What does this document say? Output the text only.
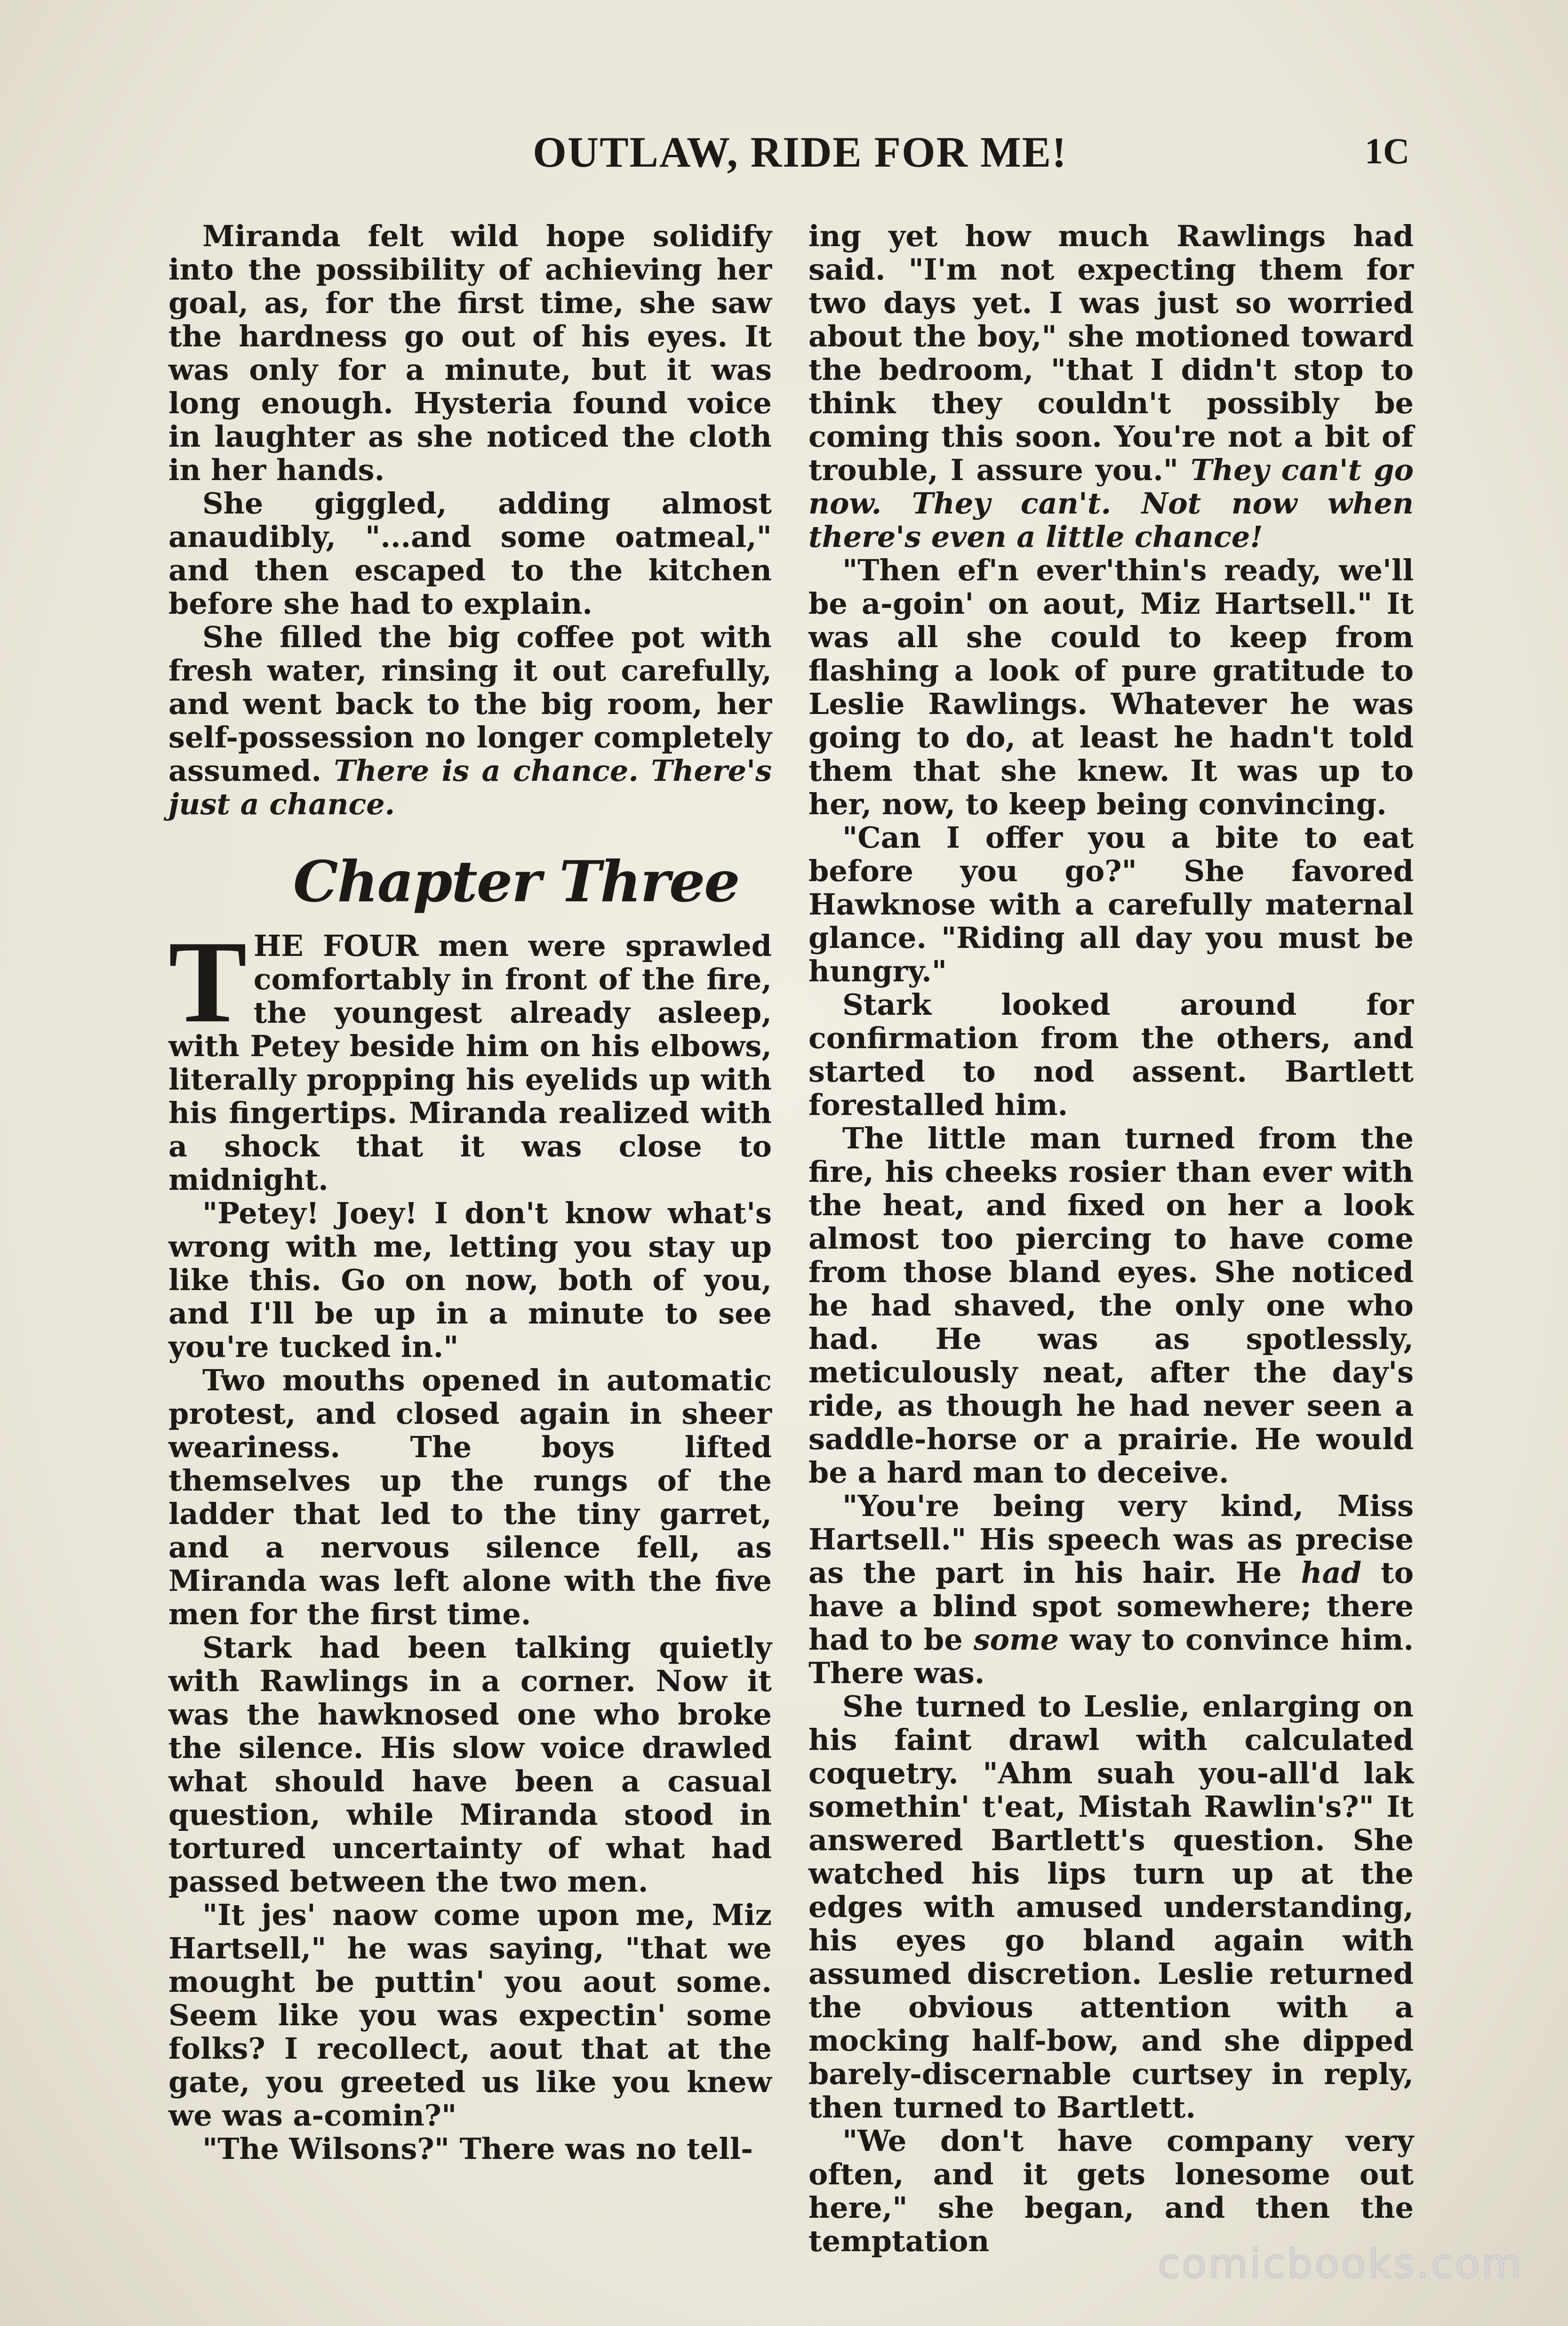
OUTLAW, RIDE FOR ME!	1C

Miranda felt wild hope solidify into the possibility of achieving her goal, as, for the first time, she saw the hardness go out of his eyes. It was only for a minute, but it was long enough. Hysteria found voice in laughter as she noticed the cloth in her hands.

She giggled, adding almost anaudibly, "...and some oatmeal," and then escaped to the kitchen before she had to explain.

She filled the big coffee pot with fresh water, rinsing it out carefully, and went back to the big room, her self-possession no longer completely assumed. There is a chance. There's just a chance.

Chapter Three

THE FOUR men were sprawled comfortably in front of the fire, the youngest already asleep, with Petey beside him on his elbows, literally propping his eyelids up with his fingertips. Miranda realized with a shock that it was close to midnight.

"Petey! Joey! I don't know what's wrong with me, letting you stay up like this. Go on now, both of you, and I'll be up in a minute to see you're tucked in."

Two mouths opened in automatic protest, and closed again in sheer weariness. The boys lifted themselves up the rungs of the ladder that led to the tiny garret, and a nervous silence fell, as Miranda was left alone with the five men for the first time.

Stark had been talking quietly with Rawlings in a corner. Now it was the hawknosed one who broke the silence. His slow voice drawled what should have been a casual question, while Miranda stood in tortured uncertainty of what had passed between the two men.

"It jes' naow come upon me, Miz Hartsell," he was saying, "that we mought be puttin' you aout some. Seem like you was expectin' some folks? I recollect, aout that at the gate, you greeted us like you knew we was a-comin?"

"The Wilsons?" There was no tell-

ing yet how much Rawlings had said. "I'm not expecting them for two days yet. I was just so worried about the boy," she motioned toward the bedroom, "that I didn't stop to think they couldn't possibly be coming this soon. You're not a bit of trouble, I assure you." They can't go now. They can't. Not now when there's even a little chance!

"Then ef'n ever'thin's ready, we'll be a-goin' on aout, Miz Hartsell." It was all she could to keep from flashing a look of pure gratitude to Leslie Rawlings. Whatever he was going to do, at least he hadn't told them that she knew. It was up to her, now, to keep being convincing.

"Can I offer you a bite to eat before you go?" She favored Hawknose with a carefully maternal glance. "Riding all day you must be hungry."

Stark looked around for confirmation from the others, and started to nod assent. Bartlett forestalled him.

The little man turned from the fire, his cheeks rosier than ever with the heat, and fixed on her a look almost too piercing to have come from those bland eyes. She noticed he had shaved, the only one who had. He was as spotlessly, meticulously neat, after the day's ride, as though he had never seen a saddle-horse or a prairie. He would be a hard man to deceive.

"You're being very kind, Miss Hartsell." His speech was as precise as the part in his hair. He had to have a blind spot somewhere; there had to be some way to convince him. There was.

She turned to Leslie, enlarging on his faint drawl with calculated coquetry. "Ahm suah you-all'd lak somethin' t'eat, Mistah Rawlin's?" It answered Bartlett's question. She watched his lips turn up at the edges with amused understanding, his eyes go bland again with assumed discretion. Leslie returned the obvious attention with a mocking half-bow, and she dipped barely-discernable curtsey in reply, then turned to Bartlett.

"We don't have company very often, and it gets lonesome out here," she began, and then the temptation	comicbooks.com
